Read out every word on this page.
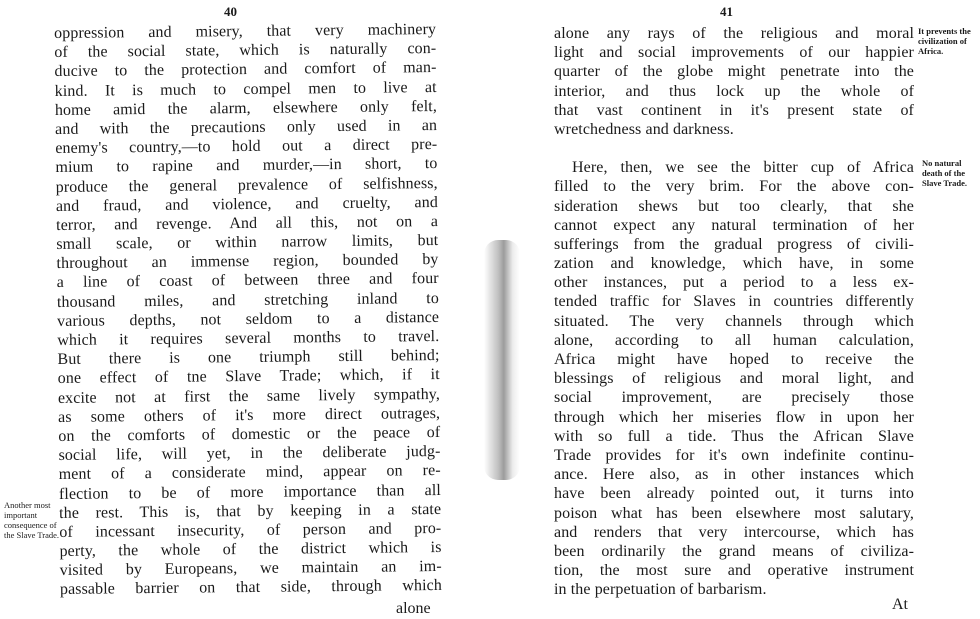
40
oppression and misery, that very machinery
of the social state, which is naturally con-
ducive to the protection and comfort of man-
kind. It is much to compel men to live at
home amid the alarm, elsewhere only felt,
and with the precautions only used in an
enemy's country,—to hold out a direct pre-
mium to rapine and murder,—in short, to
produce the general prevalence of selfishness,
and fraud, and violence, and cruelty, and
terror, and revenge. And all this, not on a
small scale, or within narrow limits, but
throughout an immense region, bounded by
a line of coast of between three and four
thousand miles, and stretching inland to
various depths, not seldom to a distance
which it requires several months to travel.
But there is one triumph still behind;
one effect of tne Slave Trade; which, if it
excite not at first the same lively sympathy,
as some others of it's more direct outrages,
on the comforts of domestic or the peace of
social life, will yet, in the deliberate judg-
ment of a considerate mind, appear on re-
flection to be of more importance than all
the rest. This is, that by keeping in a state
of incessant insecurity, of person and pro-
perty, the whole of the district which is
visited by Europeans, we maintain an im-
passable barrier on that side, through which
Another most important consequence of the Slave Trade.
alone
41
alone any rays of the religious and moral
light and social improvements of our happier
quarter of the globe might penetrate into the
interior, and thus lock up the whole of
that vast continent in it's present state of
wretchedness and darkness.
Here, then, we see the bitter cup of Africa
filled to the very brim. For the above con-
sideration shews but too clearly, that she
cannot expect any natural termination of her
sufferings from the gradual progress of civili-
zation and knowledge, which have, in some
other instances, put a period to a less ex-
tended traffic for Slaves in countries differently
situated. The very channels through which
alone, according to all human calculation,
Africa might have hoped to receive the
blessings of religious and moral light, and
social improvement, are precisely those
through which her miseries flow in upon her
with so full a tide. Thus the African Slave
Trade provides for it's own indefinite continu-
ance. Here also, as in other instances which
have been already pointed out, it turns into
poison what has been elsewhere most salutary,
and renders that very intercourse, which has
been ordinarily the grand means of civiliza-
tion, the most sure and operative instrument
in the perpetuation of barbarism.
It prevents the civilization of Africa.
No natural death of the Slave Trade.
At
